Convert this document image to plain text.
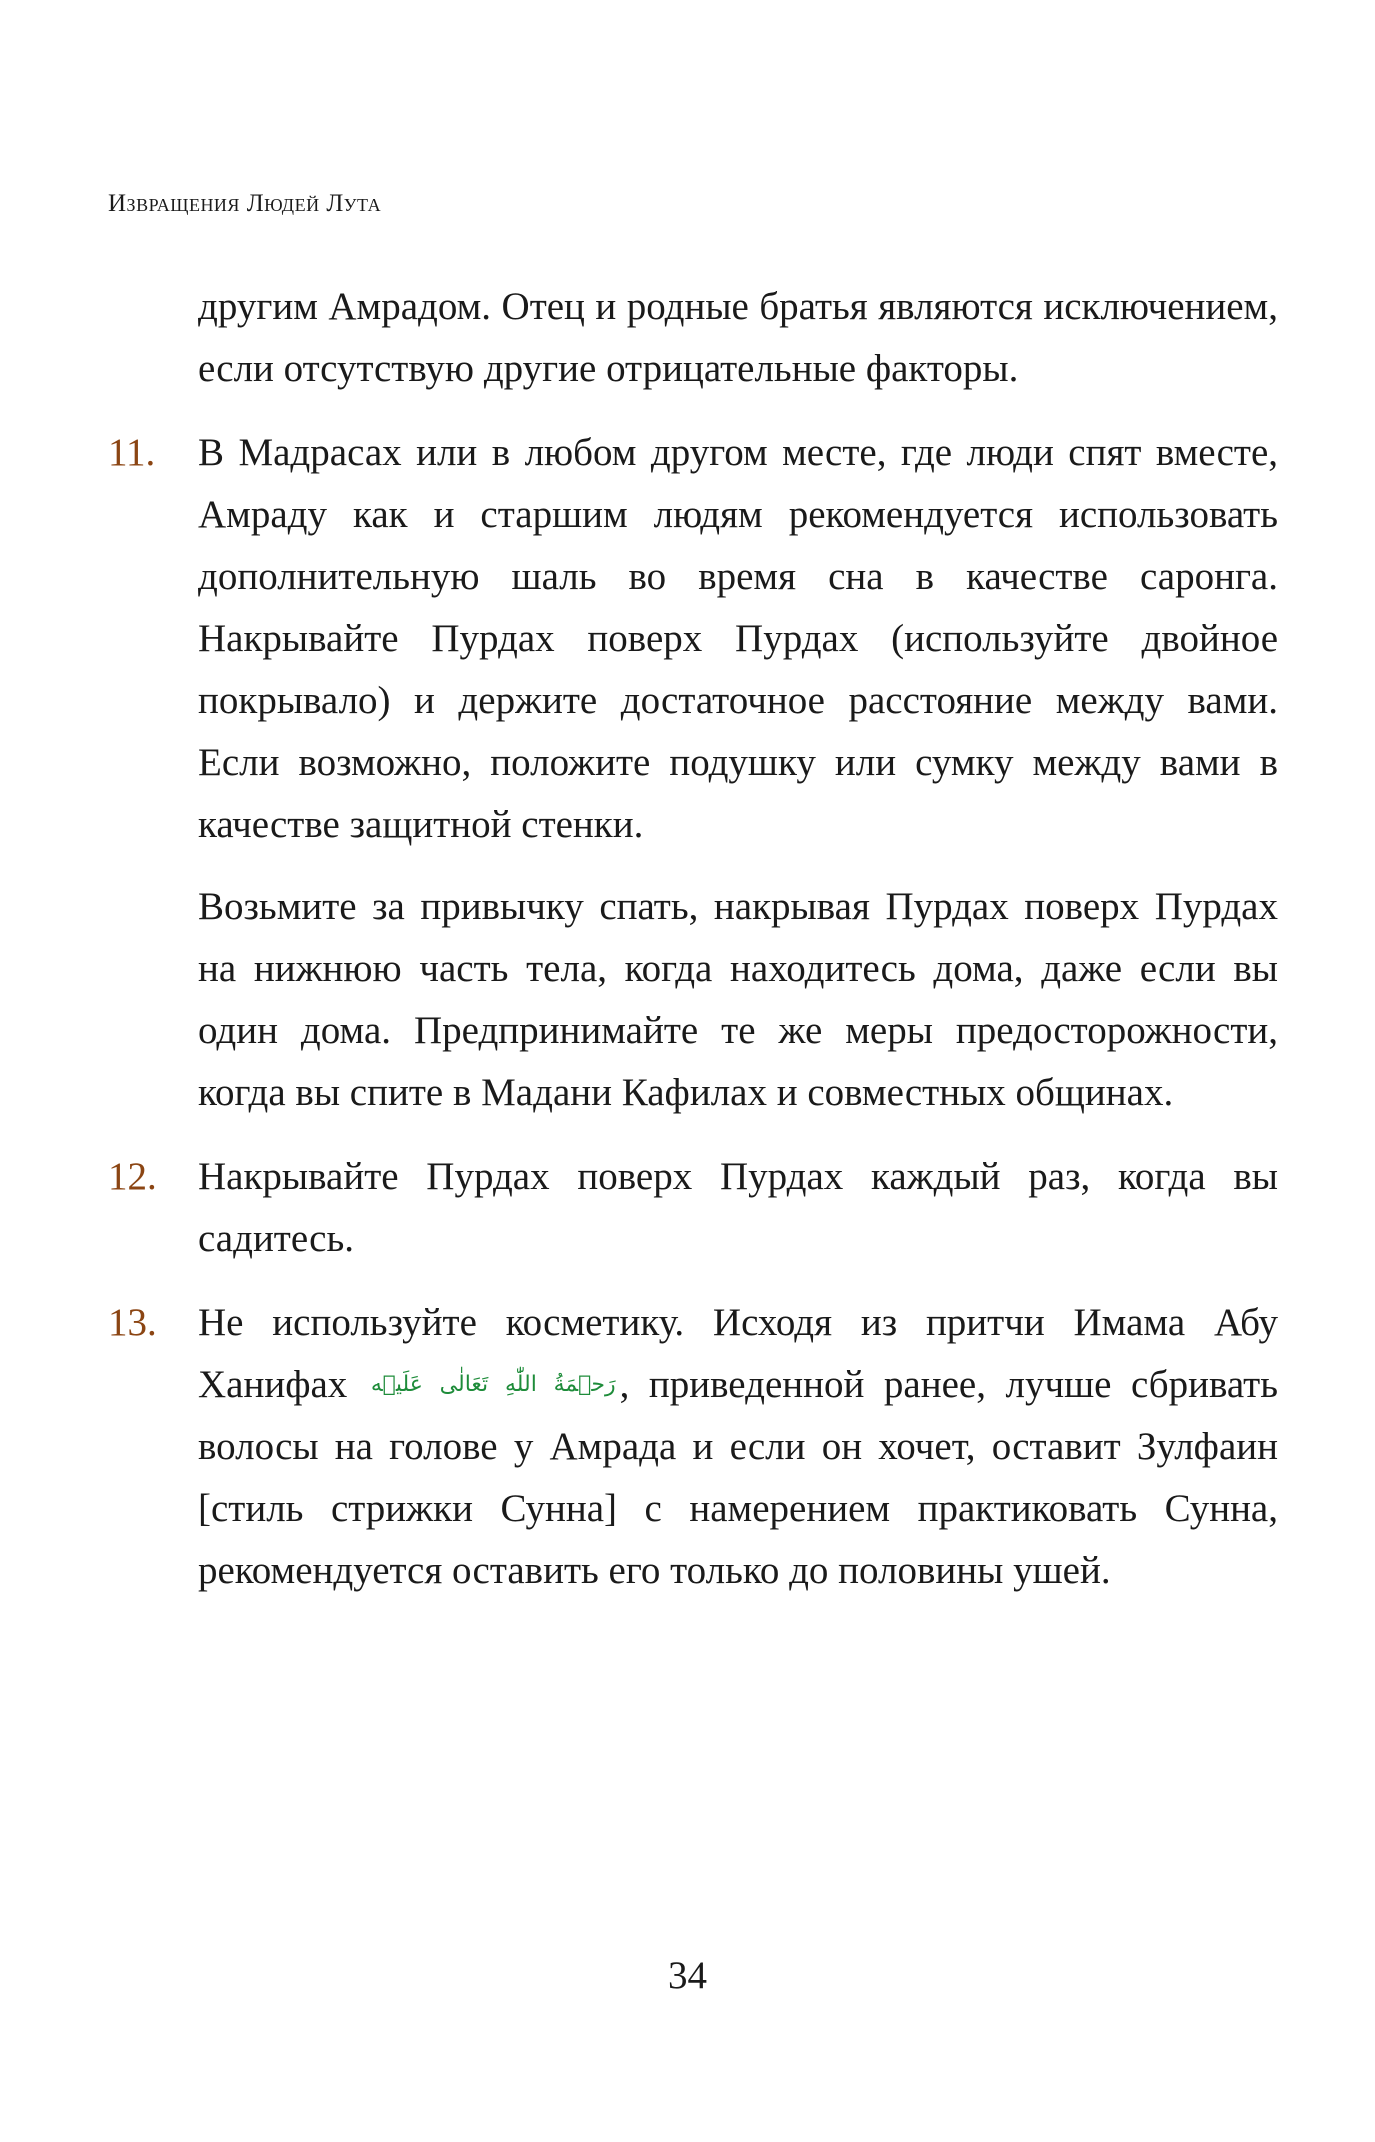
Извращения Людей Лута
другим Амрадом. Отец и родные братья являются исключением, если отсутствую другие отрицательные факторы.
11. В Мадрасах или в любом другом месте, где люди спят вместе, Амраду как и старшим людям рекомендуется использовать дополнительную шаль во время сна в качестве саронга. Накрывайте Пурдах поверх Пурдах (используйте двойное покрывало) и держите достаточное расстояние между вами. Если возможно, положите подушку или сумку между вами в качестве защитной стенки.
Возьмите за привычку спать, накрывая Пурдах поверх Пурдах на нижнюю часть тела, когда находитесь дома, даже если вы один дома. Предпринимайте те же меры предосторожности, когда вы спите в Мадани Кафилах и совместных общинах.
12. Накрывайте Пурдах поверх Пурдах каждый раз, когда вы садитесь.
13. Не используйте косметику. Исходя из притчи Имама Абу Ханифах رَحۡمَةُ اللّٰهِ تَعَالٰی عَلَيۡه , приведенной ранее, лучше сбривать волосы на голове у Амрада и если он хочет, оставит Зулфаин [стиль стрижки Сунна] с намерением практиковать Сунна, рекомендуется оставить его только до половины ушей.
34
